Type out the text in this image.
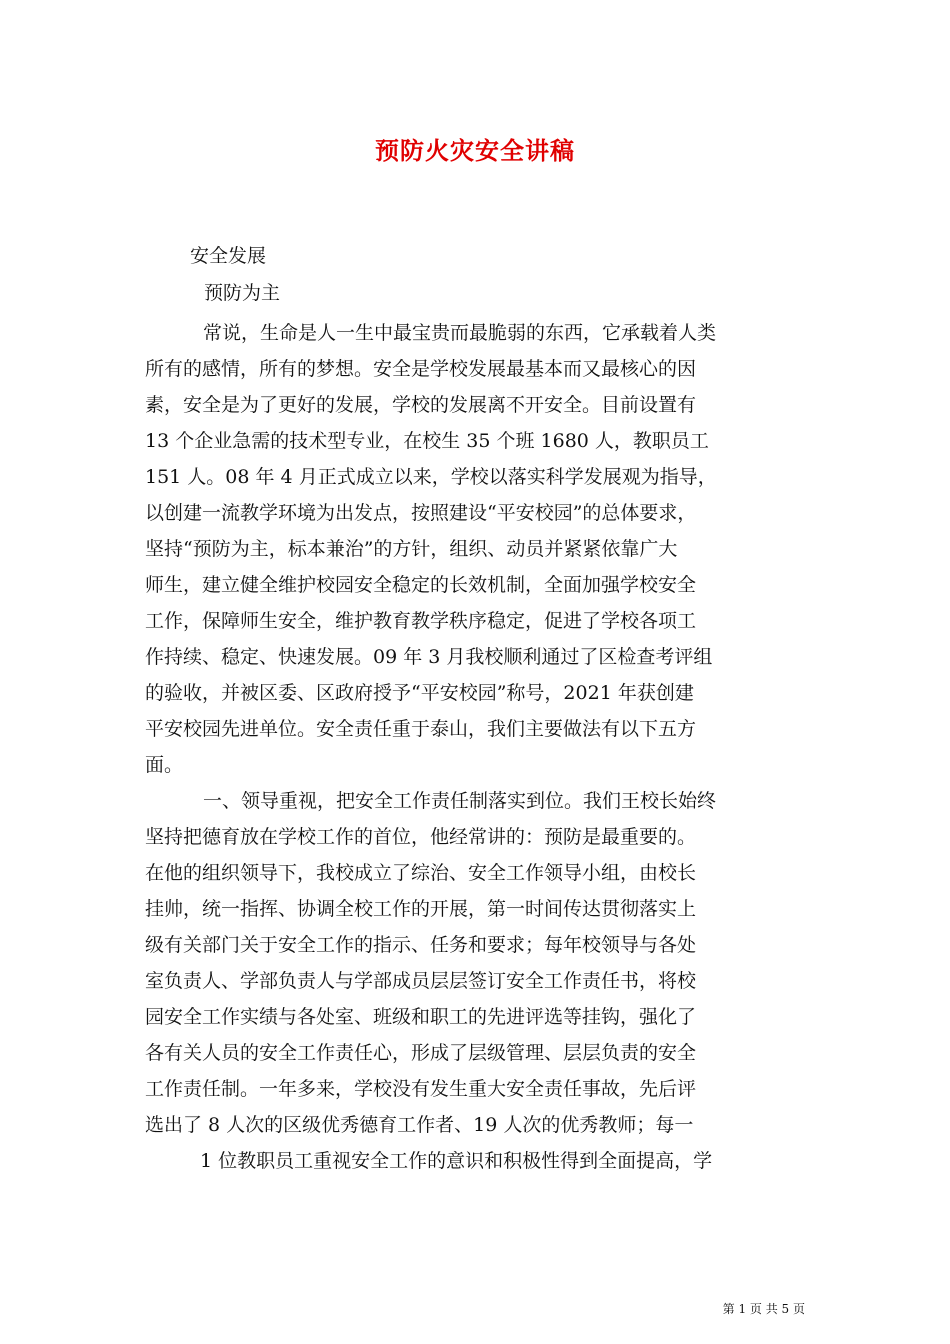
预防火灾安全讲稿
安全发展
预防为主
常说，生命是人一生中最宝贵而最脆弱的东西，它承载着人类
所有的感情，所有的梦想。安全是学校发展最基本而又最核心的因
素，安全是为了更好的发展，学校的发展离不开安全。目前设置有
13 个企业急需的技术型专业，在校生 35 个班 1680 人，教职员工
151 人。08 年 4 月正式成立以来，学校以落实科学发展观为指导，
以创建一流教学环境为出发点，按照建设“平安校园”的总体要求，
坚持“预防为主，标本兼治”的方针，组织、动员并紧紧依靠广大
师生，建立健全维护校园安全稳定的长效机制，全面加强学校安全
工作，保障师生安全，维护教育教学秩序稳定，促进了学校各项工
作持续、稳定、快速发展。09 年 3 月我校顺利通过了区检查考评组
的验收，并被区委、区政府授予“平安校园”称号，2021 年获创建
平安校园先进单位。安全责任重于泰山，我们主要做法有以下五方
面。
一、领导重视，把安全工作责任制落实到位。我们王校长始终
坚持把德育放在学校工作的首位，他经常讲的：预防是最重要的。
在他的组织领导下，我校成立了综治、安全工作领导小组，由校长
挂帅，统一指挥、协调全校工作的开展，第一时间传达贯彻落实上
级有关部门关于安全工作的指示、任务和要求；每年校领导与各处
室负责人、学部负责人与学部成员层层签订安全工作责任书，将校
园安全工作实绩与各处室、班级和职工的先进评选等挂钩，强化了
各有关人员的安全工作责任心，形成了层级管理、层层负责的安全
工作责任制。一年多来，学校没有发生重大安全责任事故，先后评
选出了 8 人次的区级优秀德育工作者、19 人次的优秀教师；每一
1 位教职员工重视安全工作的意识和积极性得到全面提高，学
第 1 页 共 5 页
